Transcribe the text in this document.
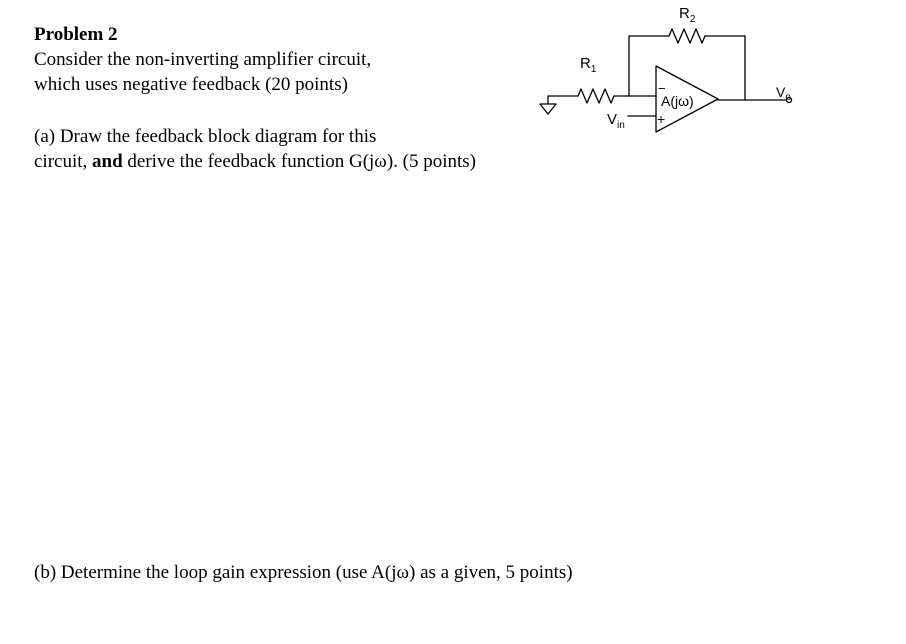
Problem 2
Consider the non-inverting amplifier circuit,
which uses negative feedback (20 points)
(a) Draw the feedback block diagram for this
circuit, and derive the feedback function G(jω). (5 points)
(b) Determine the loop gain expression (use A(jω) as a given, 5 points)
$R_1$
$R_2$
A(jω)
−
+
$V_{in}$
$V_o$
